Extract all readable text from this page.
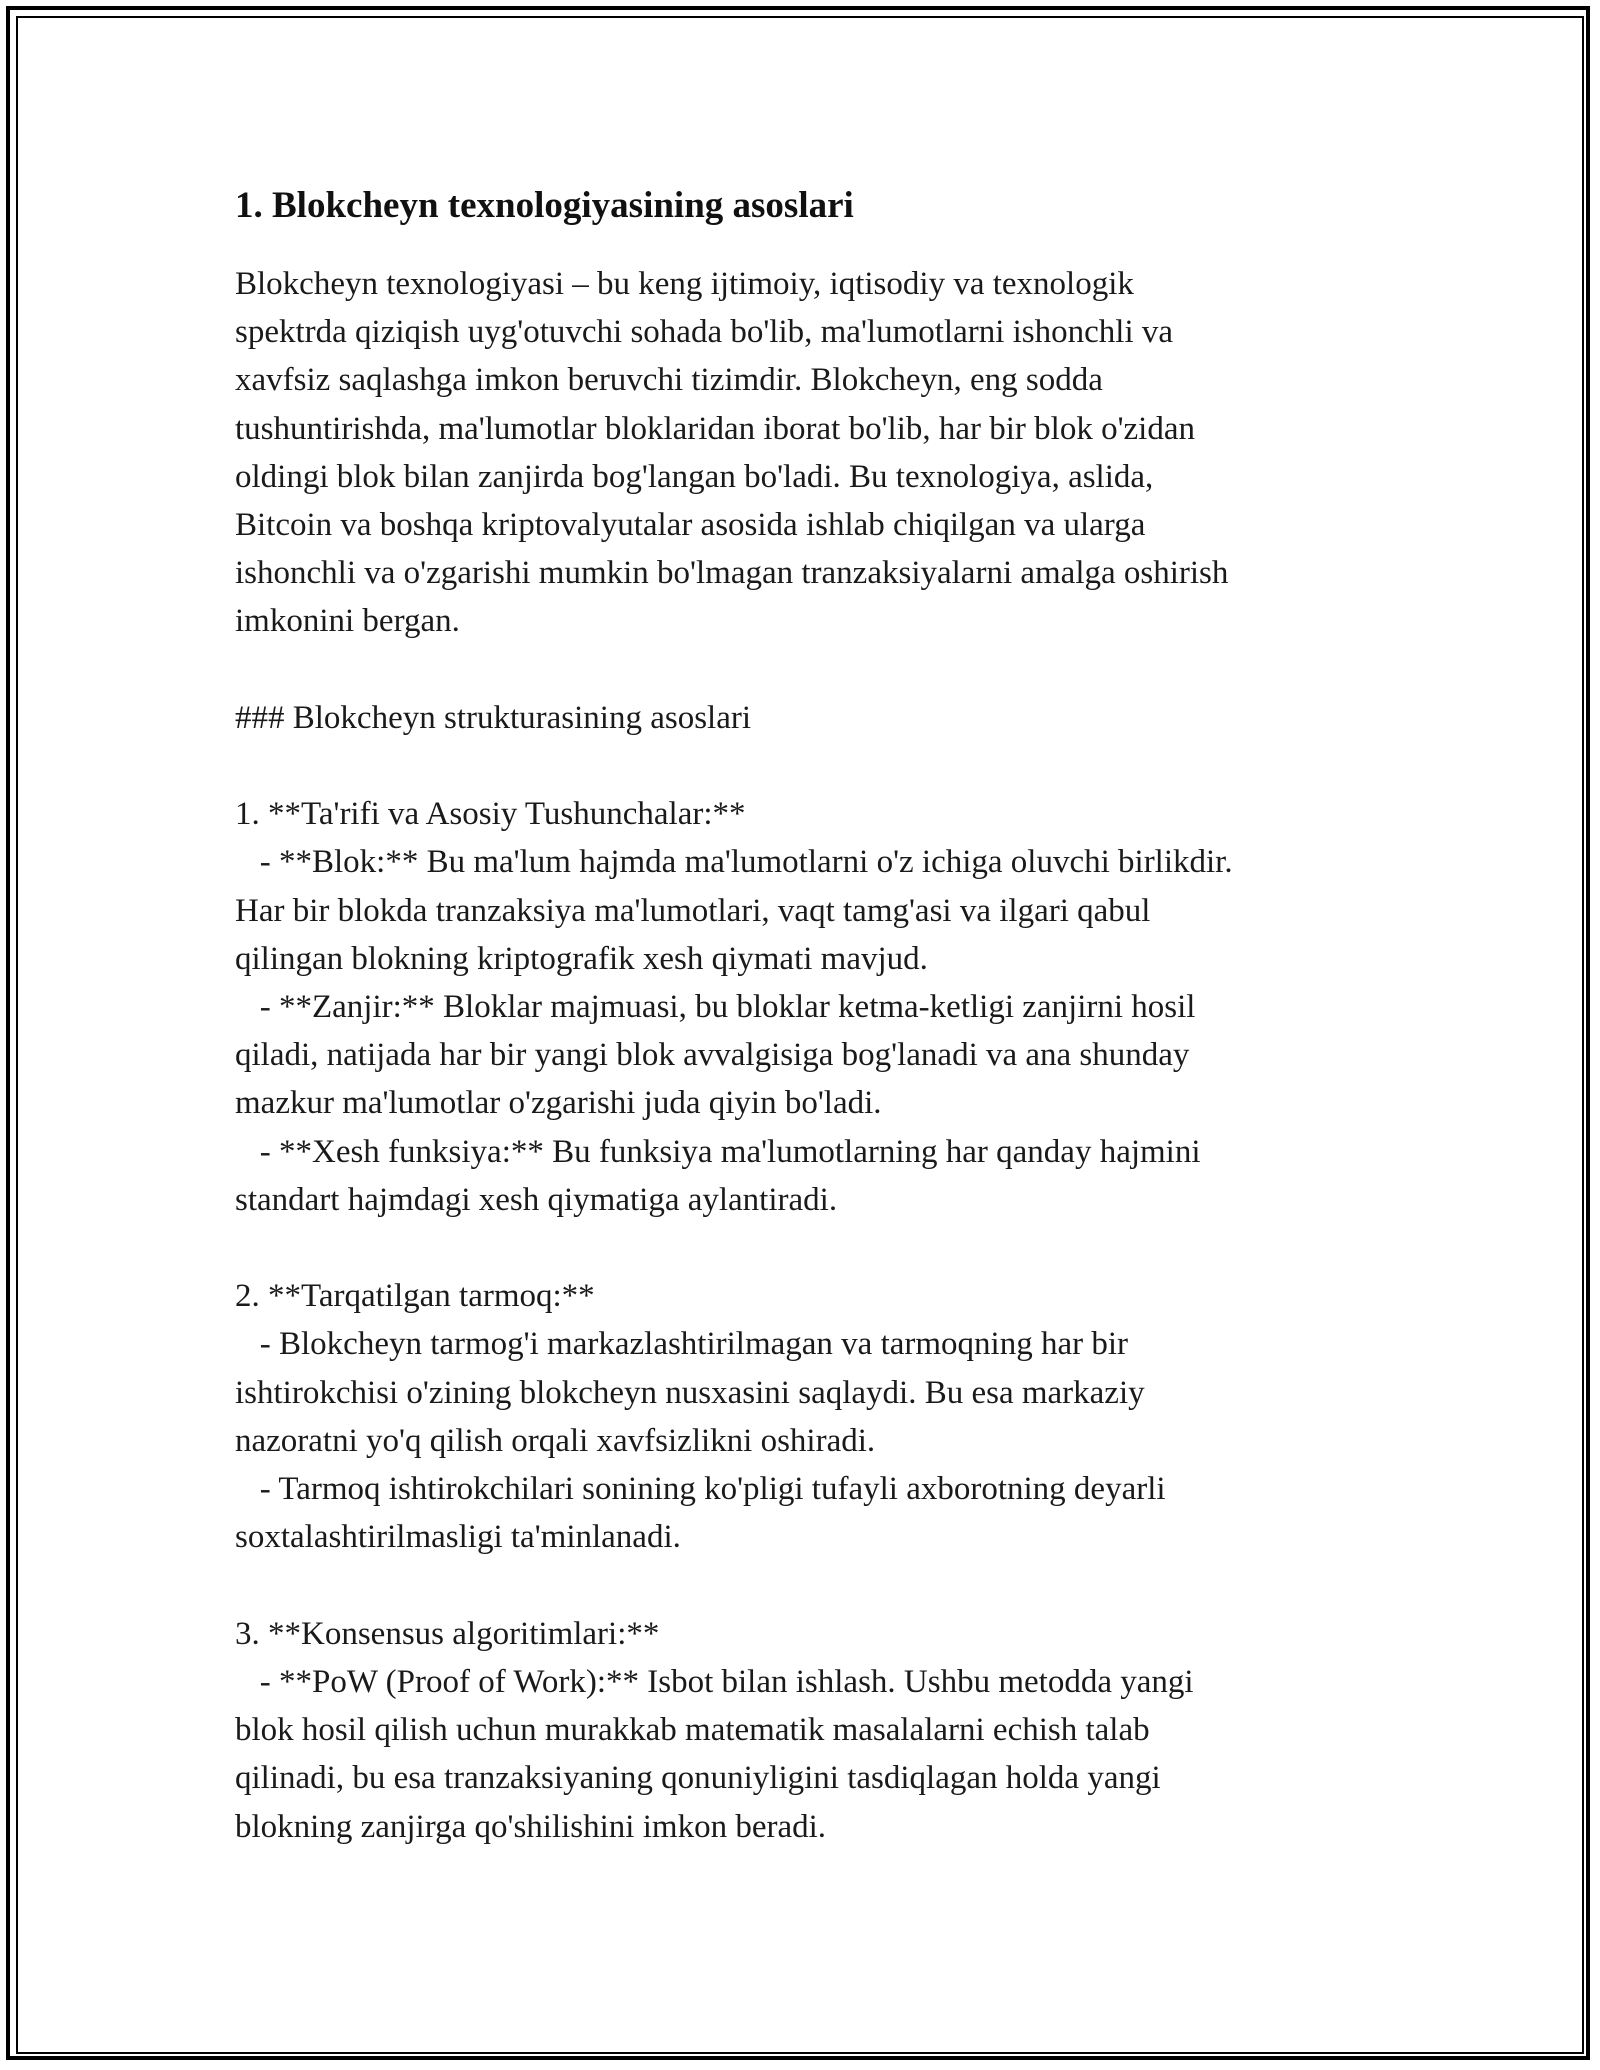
1. Blokcheyn texnologiyasining asoslari

Blokcheyn texnologiyasi – bu keng ijtimoiy, iqtisodiy va texnologik
spektrda qiziqish uyg'otuvchi sohada bo'lib, ma'lumotlarni ishonchli va
xavfsiz saqlashga imkon beruvchi tizimdir. Blokcheyn, eng sodda
tushuntirishda, ma'lumotlar bloklaridan iborat bo'lib, har bir blok o'zidan
oldingi blok bilan zanjirda bog'langan bo'ladi. Bu texnologiya, aslida,
Bitcoin va boshqa kriptovalyutalar asosida ishlab chiqilgan va ularga
ishonchli va o'zgarishi mumkin bo'lmagan tranzaksiyalarni amalga oshirish
imkonini bergan.

### Blokcheyn strukturasining asoslari

1. **Ta'rifi va Asosiy Tushunchalar:**
- **Blok:** Bu ma'lum hajmda ma'lumotlarni o'z ichiga oluvchi birlikdir.
Har bir blokda tranzaksiya ma'lumotlari, vaqt tamg'asi va ilgari qabul
qilingan blokning kriptografik xesh qiymati mavjud.
- **Zanjir:** Bloklar majmuasi, bu bloklar ketma-ketligi zanjirni hosil
qiladi, natijada har bir yangi blok avvalgisiga bog'lanadi va ana shunday
mazkur ma'lumotlar o'zgarishi juda qiyin bo'ladi.
- **Xesh funksiya:** Bu funksiya ma'lumotlarning har qanday hajmini
standart hajmdagi xesh qiymatiga aylantiradi.

2. **Tarqatilgan tarmoq:**
- Blokcheyn tarmog'i markazlashtirilmagan va tarmoqning har bir
ishtirokchisi o'zining blokcheyn nusxasini saqlaydi. Bu esa markaziy
nazoratni yo'q qilish orqali xavfsizlikni oshiradi.
- Tarmoq ishtirokchilari sonining ko'pligi tufayli axborotning deyarli
soxtalashtirilmasligi ta'minlanadi.

3. **Konsensus algoritimlari:**
- **PoW (Proof of Work):** Isbot bilan ishlash. Ushbu metodda yangi
blok hosil qilish uchun murakkab matematik masalalarni echish talab
qilinadi, bu esa tranzaksiyaning qonuniyligini tasdiqlagan holda yangi
blokning zanjirga qo'shilishini imkon beradi.
